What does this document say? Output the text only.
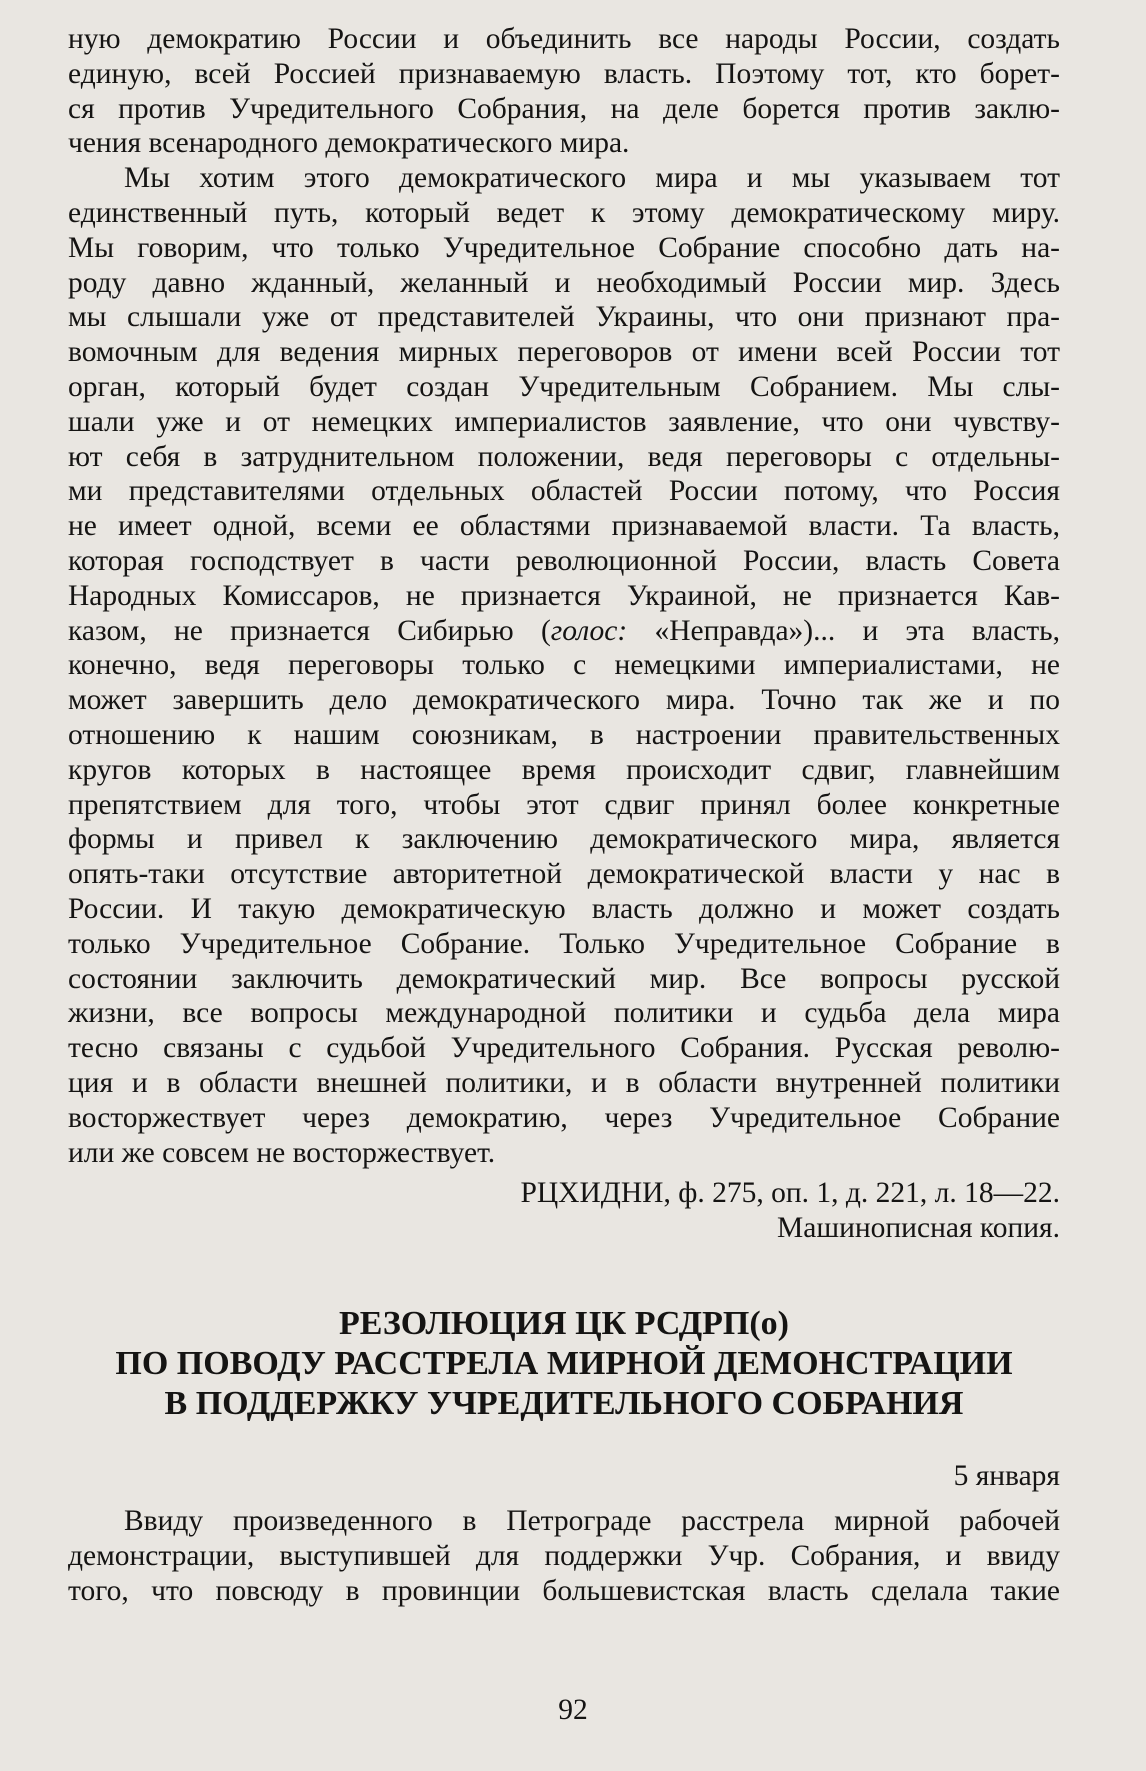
ную демократию России и объединить все народы России, создать
единую, всей Россией признаваемую власть. Поэтому тот, кто борет-
ся против Учредительного Собрания, на деле борется против заклю-
чения всенародного демократического мира.
Мы хотим этого демократического мира и мы указываем тот
единственный путь, который ведет к этому демократическому миру.
Мы говорим, что только Учредительное Собрание способно дать на-
роду давно жданный, желанный и необходимый России мир. Здесь
мы слышали уже от представителей Украины, что они признают пра-
вомочным для ведения мирных переговоров от имени всей России тот
орган, который будет создан Учредительным Собранием. Мы слы-
шали уже и от немецких империалистов заявление, что они чувству-
ют себя в затруднительном положении, ведя переговоры с отдельны-
ми представителями отдельных областей России потому, что Россия
не имеет одной, всеми ее областями признаваемой власти. Та власть,
которая господствует в части революционной России, власть Совета
Народных Комиссаров, не признается Украиной, не признается Кав-
казом, не признается Сибирью (голос: «Неправда»)... и эта власть,
конечно, ведя переговоры только с немецкими империалистами, не
может завершить дело демократического мира. Точно так же и по
отношению к нашим союзникам, в настроении правительственных
кругов которых в настоящее время происходит сдвиг, главнейшим
препятствием для того, чтобы этот сдвиг принял более конкретные
формы и привел к заключению демократического мира, является
опять-таки отсутствие авторитетной демократической власти у нас в
России. И такую демократическую власть должно и может создать
только Учредительное Собрание. Только Учредительное Собрание в
состоянии заключить демократический мир. Все вопросы русской
жизни, все вопросы международной политики и судьба дела мира
тесно связаны с судьбой Учредительного Собрания. Русская револю-
ция и в области внешней политики, и в области внутренней политики
восторжествует через демократию, через Учредительное Собрание
или же совсем не восторжествует.
РЦХИДНИ, ф. 275, оп. 1, д. 221, л. 18—22.
Машинописная копия.
РЕЗОЛЮЦИЯ ЦК РСДРП(о)
ПО ПОВОДУ РАССТРЕЛА МИРНОЙ ДЕМОНСТРАЦИИ
В ПОДДЕРЖКУ УЧРЕДИТЕЛЬНОГО СОБРАНИЯ
5 января
Ввиду произведенного в Петрограде расстрела мирной рабочей
демонстрации, выступившей для поддержки Учр. Собрания, и ввиду
того, что повсюду в провинции большевистская власть сделала такие
92
